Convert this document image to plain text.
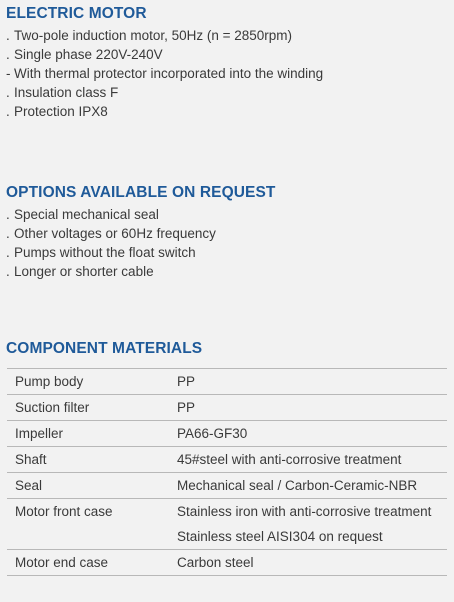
ELECTRIC MOTOR
. Two-pole induction motor, 50Hz (n = 2850rpm)
. Single phase 220V-240V
- With thermal protector incorporated into the winding
. Insulation class F
. Protection IPX8
OPTIONS AVAILABLE ON REQUEST
. Special mechanical seal
. Other voltages or 60Hz frequency
. Pumps without the float switch
. Longer or shorter cable
COMPONENT MATERIALS
Pump body	PP
Suction filter	PP
Impeller	PA66-GF30
Shaft	45#steel with anti-corrosive treatment
Seal	Mechanical seal / Carbon-Ceramic-NBR
Motor front case	Stainless iron with anti-corrosive treatment
	Stainless steel AISI304 on request
Motor end case	Carbon steel
